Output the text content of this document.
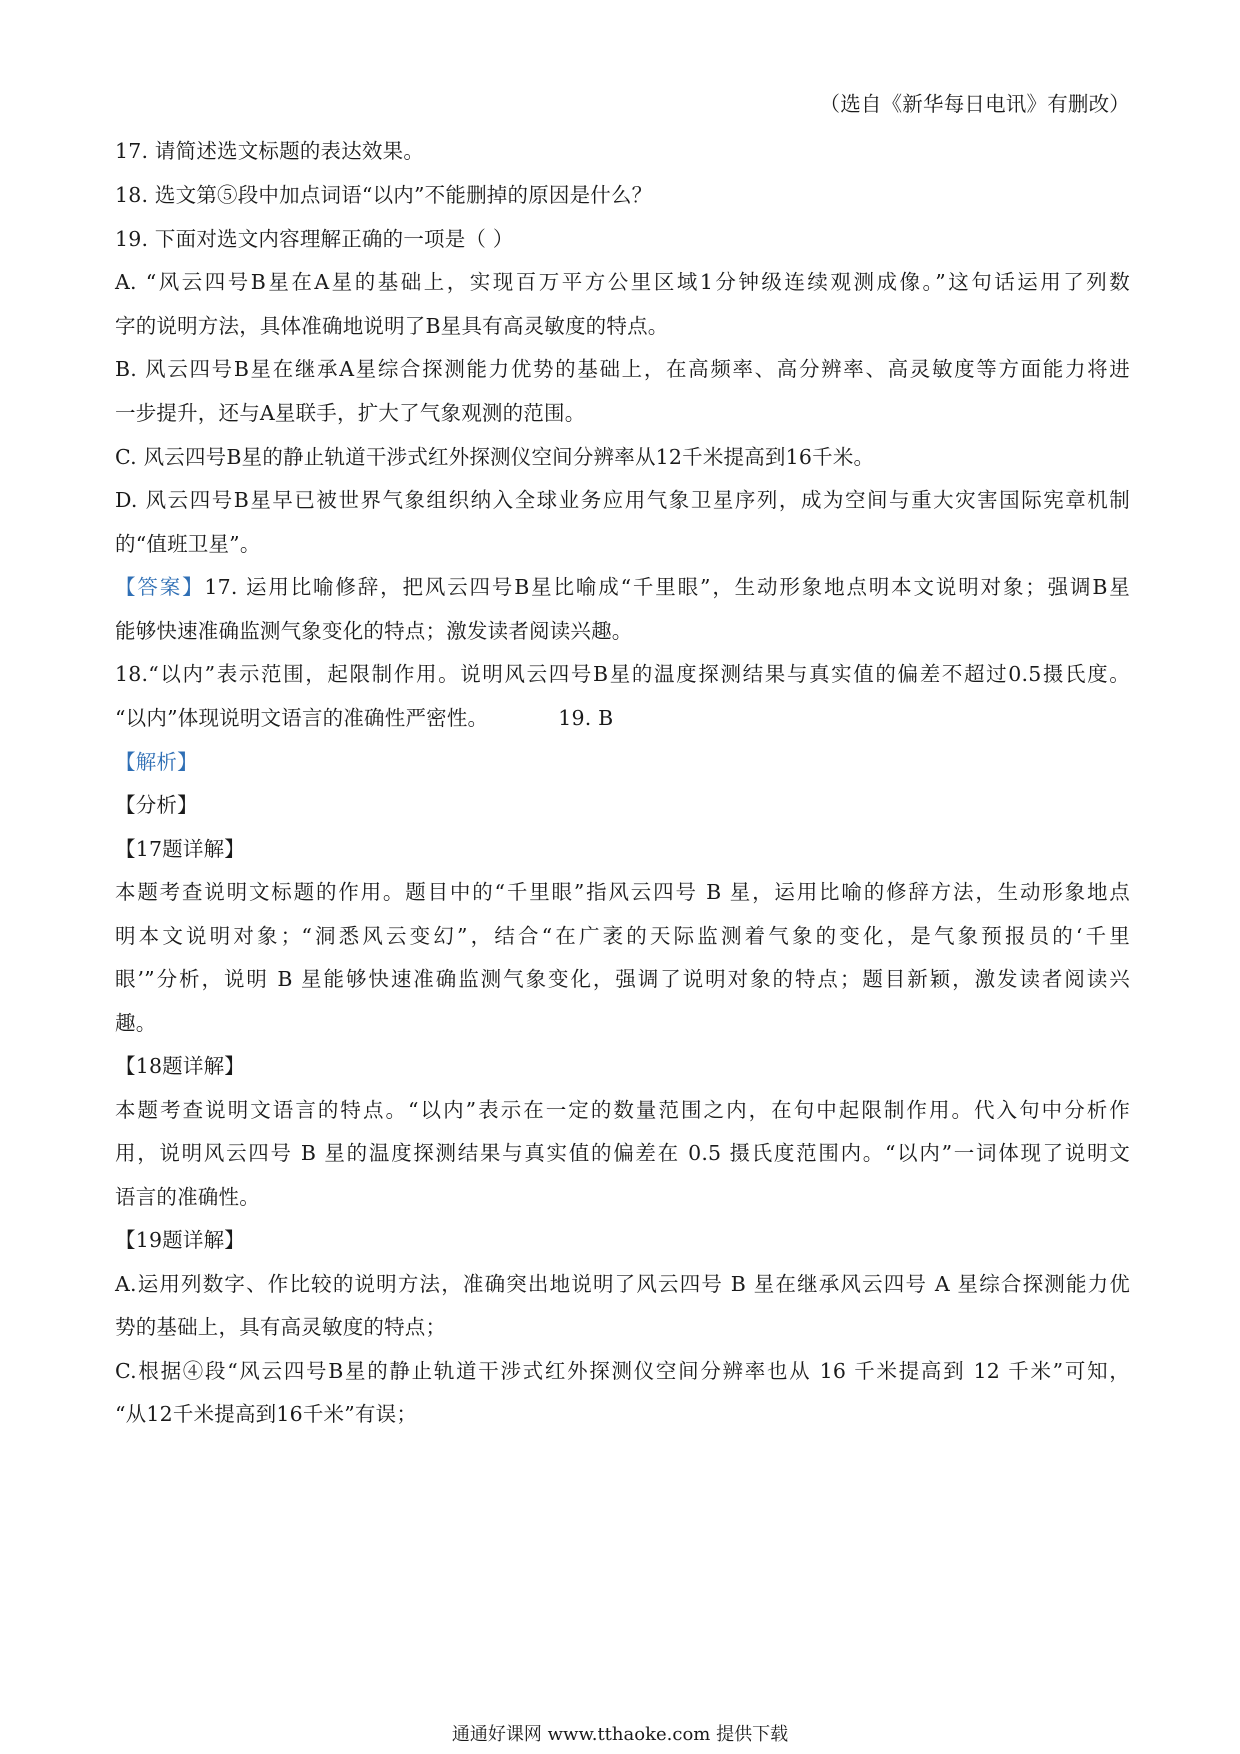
（选自《新华每日电讯》有删改）
17. 请简述选文标题的表达效果。
18. 选文第⑤段中加点词语“以内”不能删掉的原因是什么？
19. 下面对选文内容理解正确的一项是（ ）
A. “风云四号B星在A星的基础上，实现百万平方公里区域1分钟级连续观测成像。”这句话运用了列数
字的说明方法，具体准确地说明了B星具有高灵敏度的特点。
B. 风云四号B星在继承A星综合探测能力优势的基础上，在高频率、高分辨率、高灵敏度等方面能力将进
一步提升，还与A星联手，扩大了气象观测的范围。
C. 风云四号B星的静止轨道干涉式红外探测仪空间分辨率从12千米提高到16千米。
D. 风云四号B星早已被世界气象组织纳入全球业务应用气象卫星序列，成为空间与重大灾害国际宪章机制
的“值班卫星”。
【答案】17. 运用比喻修辞，把风云四号B星比喻成“千里眼”，生动形象地点明本文说明对象；强调B星
能够快速准确监测气象变化的特点；激发读者阅读兴趣。
18.“以内”表示范围，起限制作用。说明风云四号B星的温度探测结果与真实值的偏差不超过0.5摄氏度。
“以内”体现说明文语言的准确性严密性。	19. B
【解析】
【分析】
【17题详解】
本题考查说明文标题的作用。题目中的“千里眼”指风云四号 B 星，运用比喻的修辞方法，生动形象地点
明本文说明对象；“洞悉风云变幻”，结合“在广袤的天际监测着气象的变化，是气象预报员的‘千里
眼’”分析，说明 B 星能够快速准确监测气象变化，强调了说明对象的特点；题目新颖，激发读者阅读兴
趣。
【18题详解】
本题考查说明文语言的特点。“以内”表示在一定的数量范围之内，在句中起限制作用。代入句中分析作
用，说明风云四号 B 星的温度探测结果与真实值的偏差在 0.5 摄氏度范围内。“以内”一词体现了说明文
语言的准确性。
【19题详解】
A.运用列数字、作比较的说明方法，准确突出地说明了风云四号 B 星在继承风云四号 A 星综合探测能力优
势的基础上，具有高灵敏度的特点；
C.根据④段“风云四号B星的静止轨道干涉式红外探测仪空间分辨率也从 16 千米提高到 12 千米”可知，
“从12千米提高到16千米”有误；
通通好课网 www.tthaoke.com 提供下载
